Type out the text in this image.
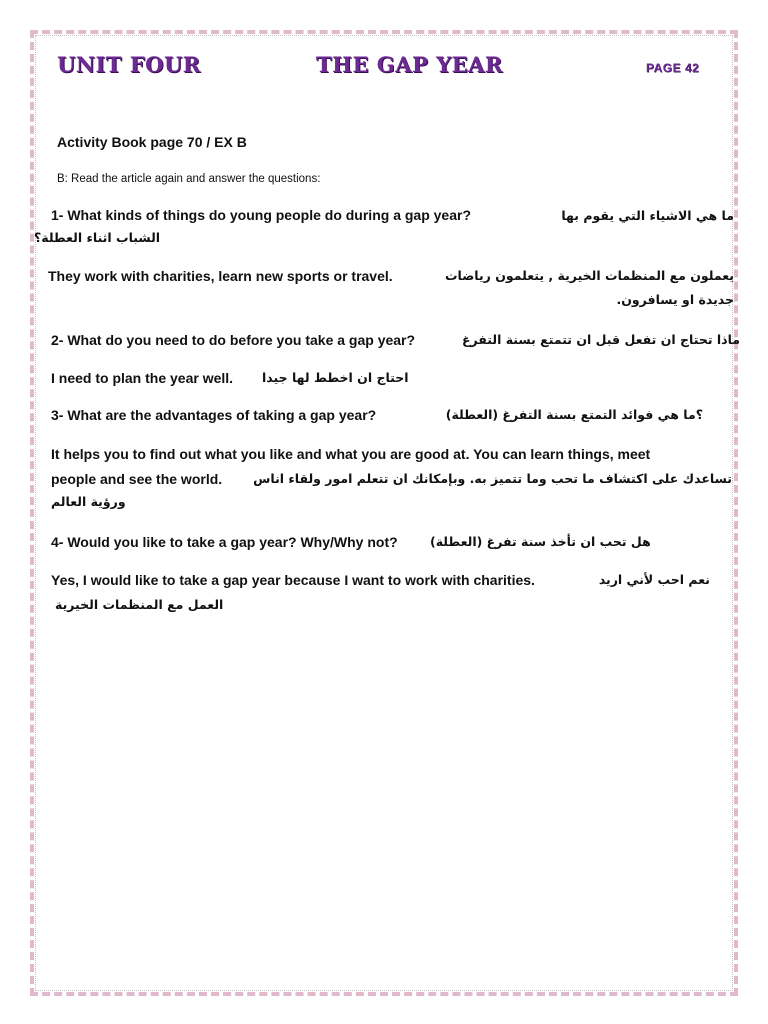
UNIT FOUR	THE GAP YEAR	PAGE 42
Activity Book page 70 / EX B
B: Read the article again and answer the questions:
1- What kinds of things do young people do during a gap year?	ما هي الاشياء التي يقوم بها
الشباب اثناء العطلة؟
They work with charities, learn new sports or travel.	يعملون مع المنظمات الخيرية , يتعلمون رياضات
جديدة او يسافرون.
2- What do you need to do before you take a gap year?	ماذا تحتاج ان تفعل قبل ان تتمتع بسنة التفرغ
I need to plan the year well. احتاج ان اخطط لها جيدا
3- What are the advantages of taking a gap year?	؟ما هي فوائد التمتع بسنة التفرغ (العطلة)
It helps you to find out what you like and what you are good at. You can learn things, meet
people and see the world. تساعدك على اكتشاف ما تحب وما تتميز به. وبإمكانك ان تتعلم امور ولقاء اناس
ورؤية العالم
4- Would you like to take a gap year? Why/Why not?	هل تحب ان تأخذ سنة تفرغ (العطلة)
Yes, I would like to take a gap year because I want to work with charities.	نعم احب لأني اريد
العمل مع المنظمات الخيرية
